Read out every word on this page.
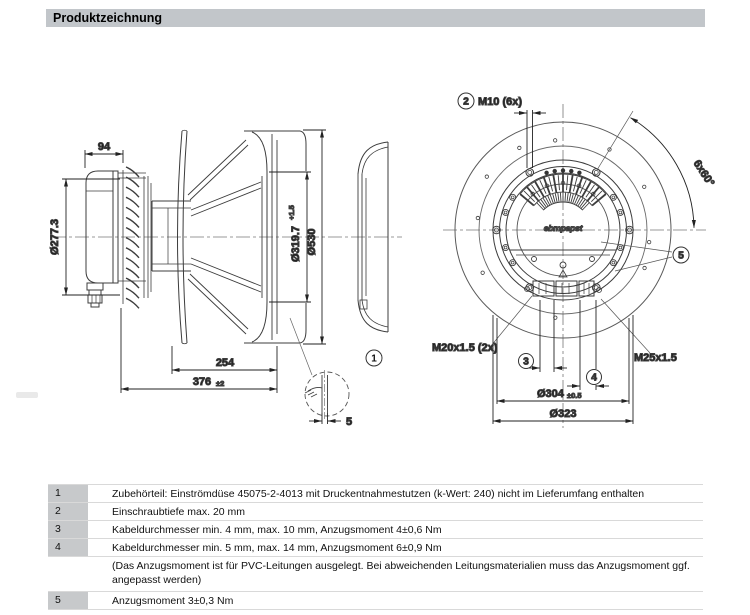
Produktzeichnung
94
Ø277.3	Ø319.7
+1.5
Ø530
254
376 ±2
5
1
ebmpapst
2 M10 (6x)
6x60°
5
M20x1.5 (2x)
3
4
M25x1.5
Ø304 ±0.5
Ø323
1	Zubehörteil: Einströmdüse 45075-2-4013 mit Druckentnahmestutzen (k-Wert: 240) nicht im Lieferumfang enthalten
2	Einschraubtiefe max. 20 mm
3	Kabeldurchmesser min. 4 mm, max. 10 mm, Anzugsmoment 4±0,6 Nm
4	Kabeldurchmesser min. 5 mm, max. 14 mm, Anzugsmoment 6±0,9 Nm
(Das Anzugsmoment ist für PVC-Leitungen ausgelegt. Bei abweichenden Leitungsmaterialien muss das Anzugsmoment ggf. angepasst werden)
5	Anzugsmoment 3±0,3 Nm
